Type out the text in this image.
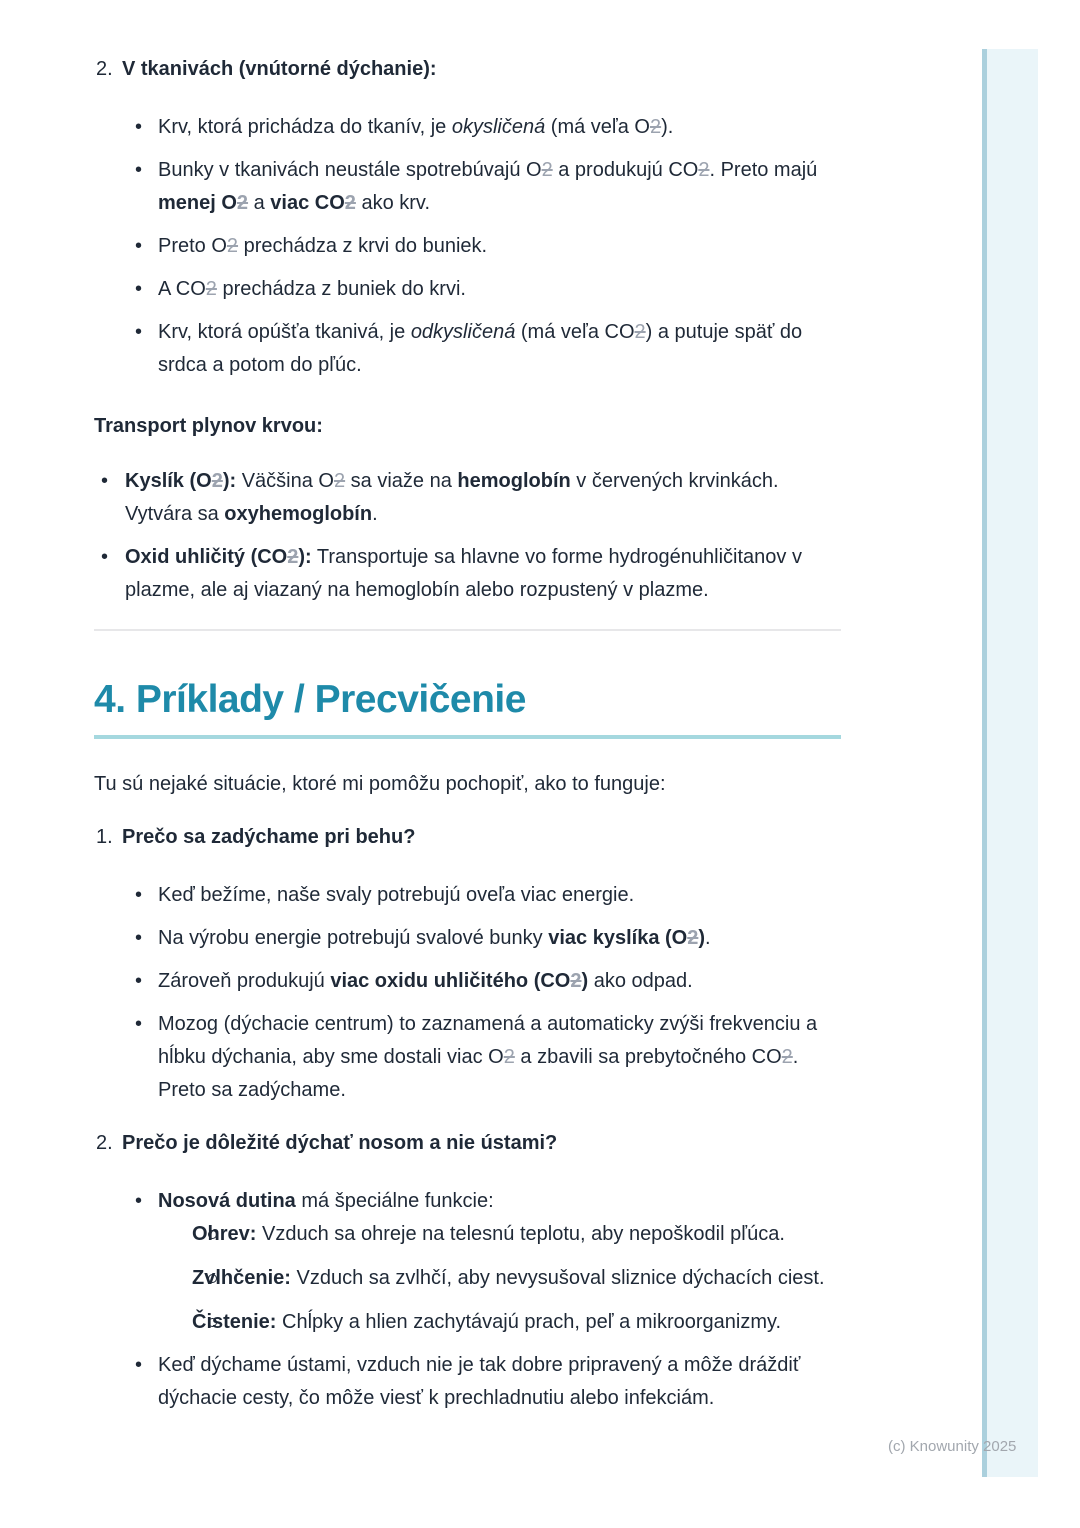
2. V tkanivách (vnútorné dýchanie):
•
Krv, ktorá prichádza do tkanív, je okysličená (má veľa O2).
•
Bunky v tkanivách neustále spotrebúvajú O2 a produkujú CO2. Preto majú menej O2 a viac CO2 ako krv.
•
Preto O2 prechádza z krvi do buniek.
•
A CO2 prechádza z buniek do krvi.
•
Krv, ktorá opúšťa tkanivá, je odkysličená (má veľa CO2) a putuje späť do srdca a potom do pľúc.

Transport plynov krvou:

•
Kyslík (O2): Väčšina O2 sa viaže na hemoglobín v červených krvinkách. Vytvára sa oxyhemoglobín.
•
Oxid uhličitý (CO2): Transportuje sa hlavne vo forme hydrogénuhličitanov v plazme, ale aj viazaný na hemoglobín alebo rozpustený v plazme.
4. Príklady / Precvičenie

Tu sú nejaké situácie, ktoré mi pomôžu pochopiť, ako to funguje:

1. Prečo sa zadýchame pri behu?
•
Keď bežíme, naše svaly potrebujú oveľa viac energie.
•
Na výrobu energie potrebujú svalové bunky viac kyslíka (O2).
•
Zároveň produkujú viac oxidu uhličitého (CO2) ako odpad.
•
Mozog (dýchacie centrum) to zaznamená a automaticky zvýši frekvenciu a hĺbku dýchania, aby sme dostali viac O2 a zbavili sa prebytočného CO2. Preto sa zadýchame.
2. Prečo je dôležité dýchať nosom a nie ústami?
•
Nosová dutina má špeciálne funkcie:
Ohrev: Vzduch sa ohreje na telesnú teplotu, aby nepoškodil pľúca.
Zvlhčenie: Vzduch sa zvlhčí, aby nevysušoval sliznice dýchacích ciest.
Čistenie: Chĺpky a hlien zachytávajú prach, peľ a mikroorganizmy.
•
Keď dýchame ústami, vzduch nie je tak dobre pripravený a môže dráždiť dýchacie cesty, čo môže viesť k prechladnutiu alebo infekciám.
(c) Knowunity 2025
